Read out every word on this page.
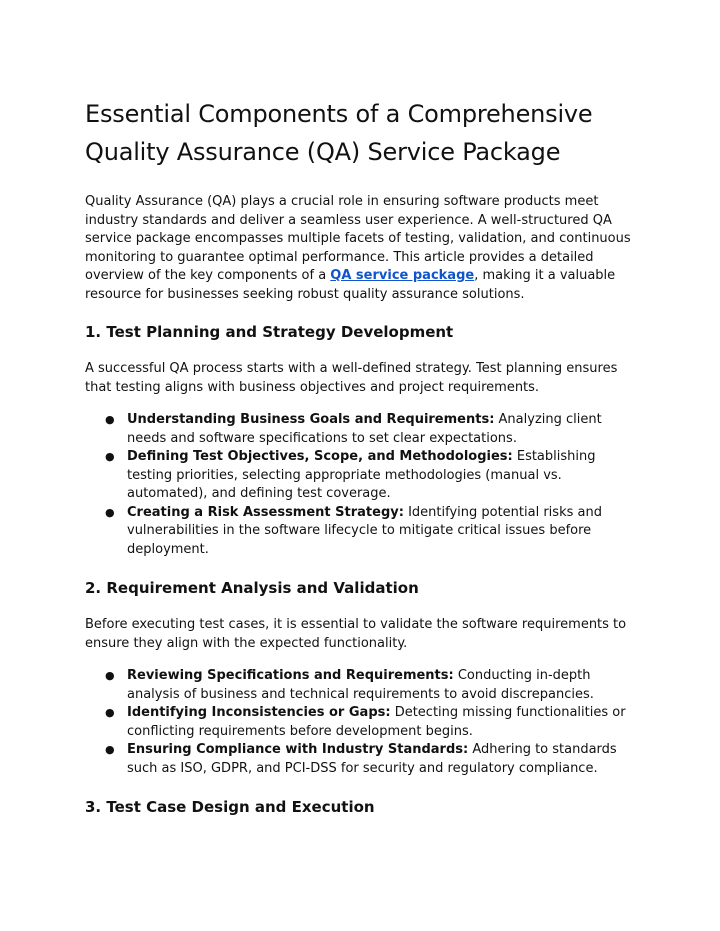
Essential Components of a Comprehensive Quality Assurance (QA) Service Package

Quality Assurance (QA) plays a crucial role in ensuring software products meet industry standards and deliver a seamless user experience. A well-structured QA service package encompasses multiple facets of testing, validation, and continuous monitoring to guarantee optimal performance. This article provides a detailed overview of the key components of a QA service package, making it a valuable resource for businesses seeking robust quality assurance solutions.

1. Test Planning and Strategy Development

A successful QA process starts with a well-defined strategy. Test planning ensures that testing aligns with business objectives and project requirements.

● Understanding Business Goals and Requirements: Analyzing client needs and software specifications to set clear expectations.
● Defining Test Objectives, Scope, and Methodologies: Establishing testing priorities, selecting appropriate methodologies (manual vs. automated), and defining test coverage.
● Creating a Risk Assessment Strategy: Identifying potential risks and vulnerabilities in the software lifecycle to mitigate critical issues before deployment.
2. Requirement Analysis and Validation

Before executing test cases, it is essential to validate the software requirements to ensure they align with the expected functionality.

● Reviewing Specifications and Requirements: Conducting in-depth analysis of business and technical requirements to avoid discrepancies.
● Identifying Inconsistencies or Gaps: Detecting missing functionalities or conflicting requirements before development begins.
● Ensuring Compliance with Industry Standards: Adhering to standards such as ISO, GDPR, and PCI-DSS for security and regulatory compliance.
3. Test Case Design and Execution
